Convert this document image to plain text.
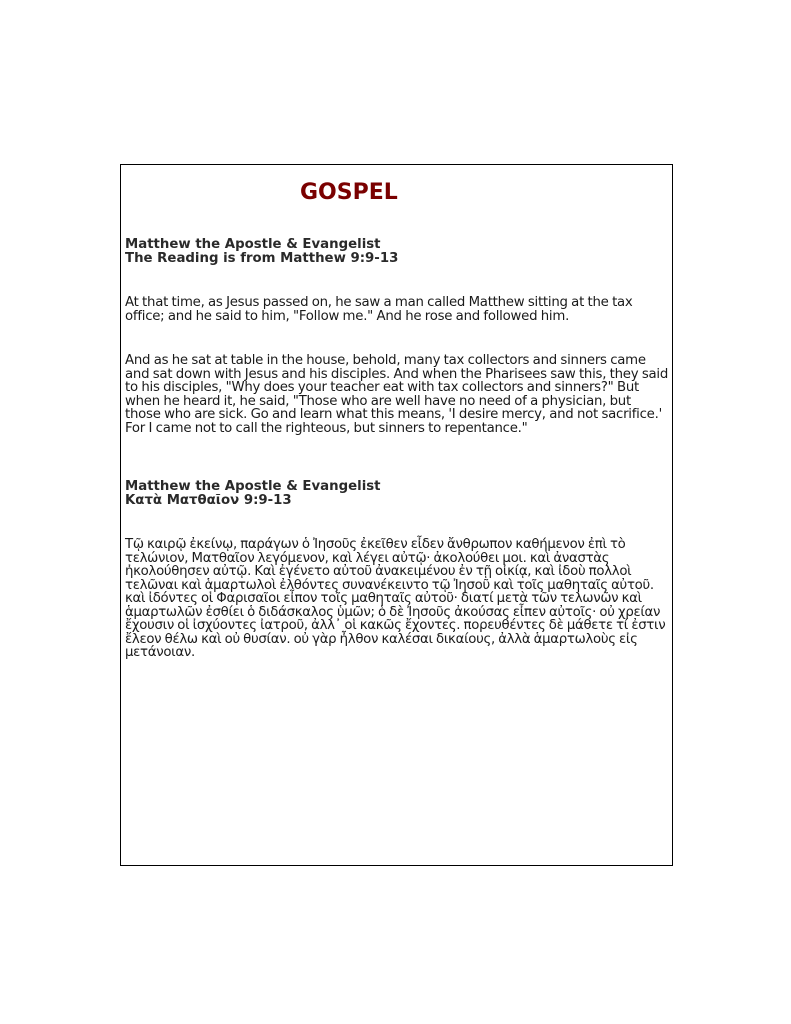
GOSPEL
Matthew the Apostle & Evangelist
The Reading is from Matthew 9:9-13

At that time, as Jesus passed on, he saw a man called Matthew sitting at the tax office; and he said to him, "Follow me." And he rose and followed him.

And as he sat at table in the house, behold, many tax collectors and sinners came and sat down with Jesus and his disciples. And when the Pharisees saw this, they said to his disciples, "Why does your teacher eat with tax collectors and sinners?" But when he heard it, he said, "Those who are well have no need of a physician, but those who are sick. Go and learn what this means, 'I desire mercy, and not sacrifice.' For I came not to call the righteous, but sinners to repentance."

Matthew the Apostle & Evangelist
Κατὰ Ματθαῖον 9:9-13

Τῷ καιρῷ ἐκείνῳ, παράγων ὁ Ἰησοῦς ἐκεῖθεν εἶδεν ἄνθρωπον καθήμενον ἐπὶ τὸ τελώνιον, Ματθαῖον λεγόμενον, καὶ λέγει αὐτῷ· ἀκολούθει μοι. καὶ ἀναστὰς ἠκολούθησεν αὐτῷ. Καὶ ἐγένετο αὐτοῦ ἀνακειμένου ἐν τῇ οἰκίᾳ, καὶ ἰδοὺ πολλοὶ τελῶναι καὶ ἁμαρτωλοὶ ἐλθόντες συνανέκειντο τῷ Ἰησοῦ καὶ τοῖς μαθηταῖς αὐτοῦ. καὶ ἰδόντες οἱ Φαρισαῖοι εἶπον τοῖς μαθηταῖς αὐτοῦ· διατί μετὰ τῶν τελωνῶν καὶ ἁμαρτωλῶν ἐσθίει ὁ διδάσκαλος ὑμῶν; ὁ δὲ Ἰησοῦς ἀκούσας εἶπεν αὐτοῖς· οὐ χρείαν ἔχουσιν οἱ ἰσχύοντες ἰατροῦ, ἀλλ᾿ οἱ κακῶς ἔχοντες. πορευθέντες δὲ μάθετε τί ἐστιν ἔλεον θέλω καὶ οὐ θυσίαν. οὐ γὰρ ἦλθον καλέσαι δικαίους, ἀλλὰ ἁμαρτωλοὺς εἰς μετάνοιαν.
